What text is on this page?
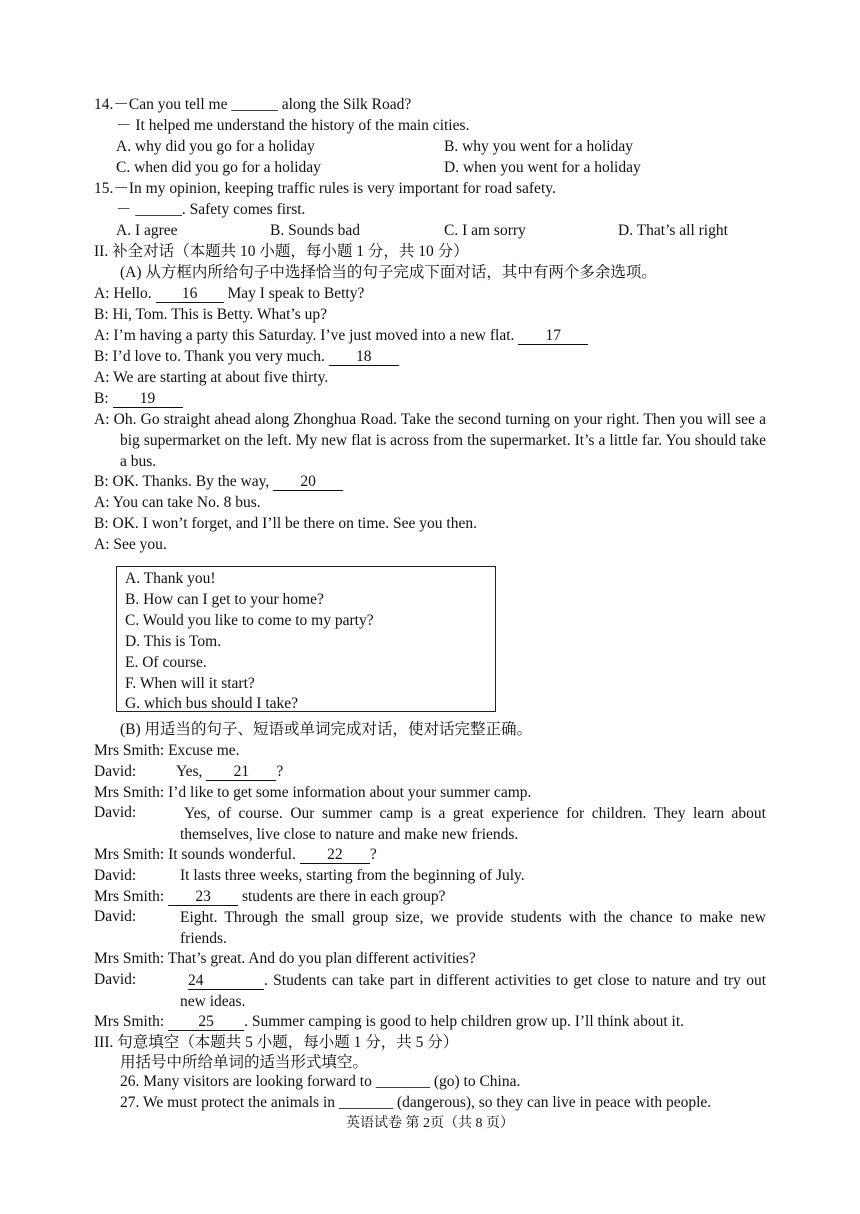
14.－Can you tell me ______ along the Silk Road?
－ It helped me understand the history of the main cities.
A. why did you go for a holiday	B. why you went for a holiday
C. when did you go for a holiday	D. when you went for a holiday
15.－In my opinion, keeping traffic rules is very important for road safety.
－ ______. Safety comes first.
A. I agree	B. Sounds bad	C. I am sorry	D. That’s all right
II. 补全对话（本题共 10 小题，每小题 1 分，共 10 分）
(A) 从方框内所给句子中选择恰当的句子完成下面对话，其中有两个多余选项。
A: Hello. 16 May I speak to Betty?
B: Hi, Tom. This is Betty. What’s up?
A: I’m having a party this Saturday. I’ve just moved into a new flat. 17
B: I’d love to. Thank you very much. 18
A: We are starting at about five thirty.
B: 19
A: Oh. Go straight ahead along Zhonghua Road. Take the second turning on your right. Then you will see a big supermarket on the left. My new flat is across from the supermarket. It’s a little far. You should take a bus.
B: OK. Thanks. By the way, 20
A: You can take No. 8 bus.
B: OK. I won’t forget, and I’ll be there on time. See you then.
A: See you.
A. Thank you!
B. How can I get to your home?
C. Would you like to come to my party?
D. This is Tom.
E. Of course.
F. When will it start?
G. which bus should I take?
(B) 用适当的句子、短语或单词完成对话，使对话完整正确。
Mrs Smith: Excuse me.
David:	Yes, 21 ?
Mrs Smith: I’d like to get some information about your summer camp.
David:	Yes, of course. Our summer camp is a great experience for children. They learn about themselves, live close to nature and make new friends.
Mrs Smith: It sounds wonderful. 22 ?
David:	It lasts three weeks, starting from the beginning of July.
Mrs Smith: 23 students are there in each group?
David:	Eight. Through the small group size, we provide students with the chance to make new friends.
Mrs Smith: That’s great. And do you plan different activities?
David:	24	. Students can take part in different activities to get close to nature and try out new ideas.
Mrs Smith: 25 . Summer camping is good to help children grow up. I’ll think about it.
III. 句意填空（本题共 5 小题，每小题 1 分，共 5 分）
用括号中所给单词的适当形式填空。
26. Many visitors are looking forward to _______ (go) to China.
27. We must protect the animals in _______ (dangerous), so they can live in peace with people.
英语试卷 第 2页（共 8 页）
